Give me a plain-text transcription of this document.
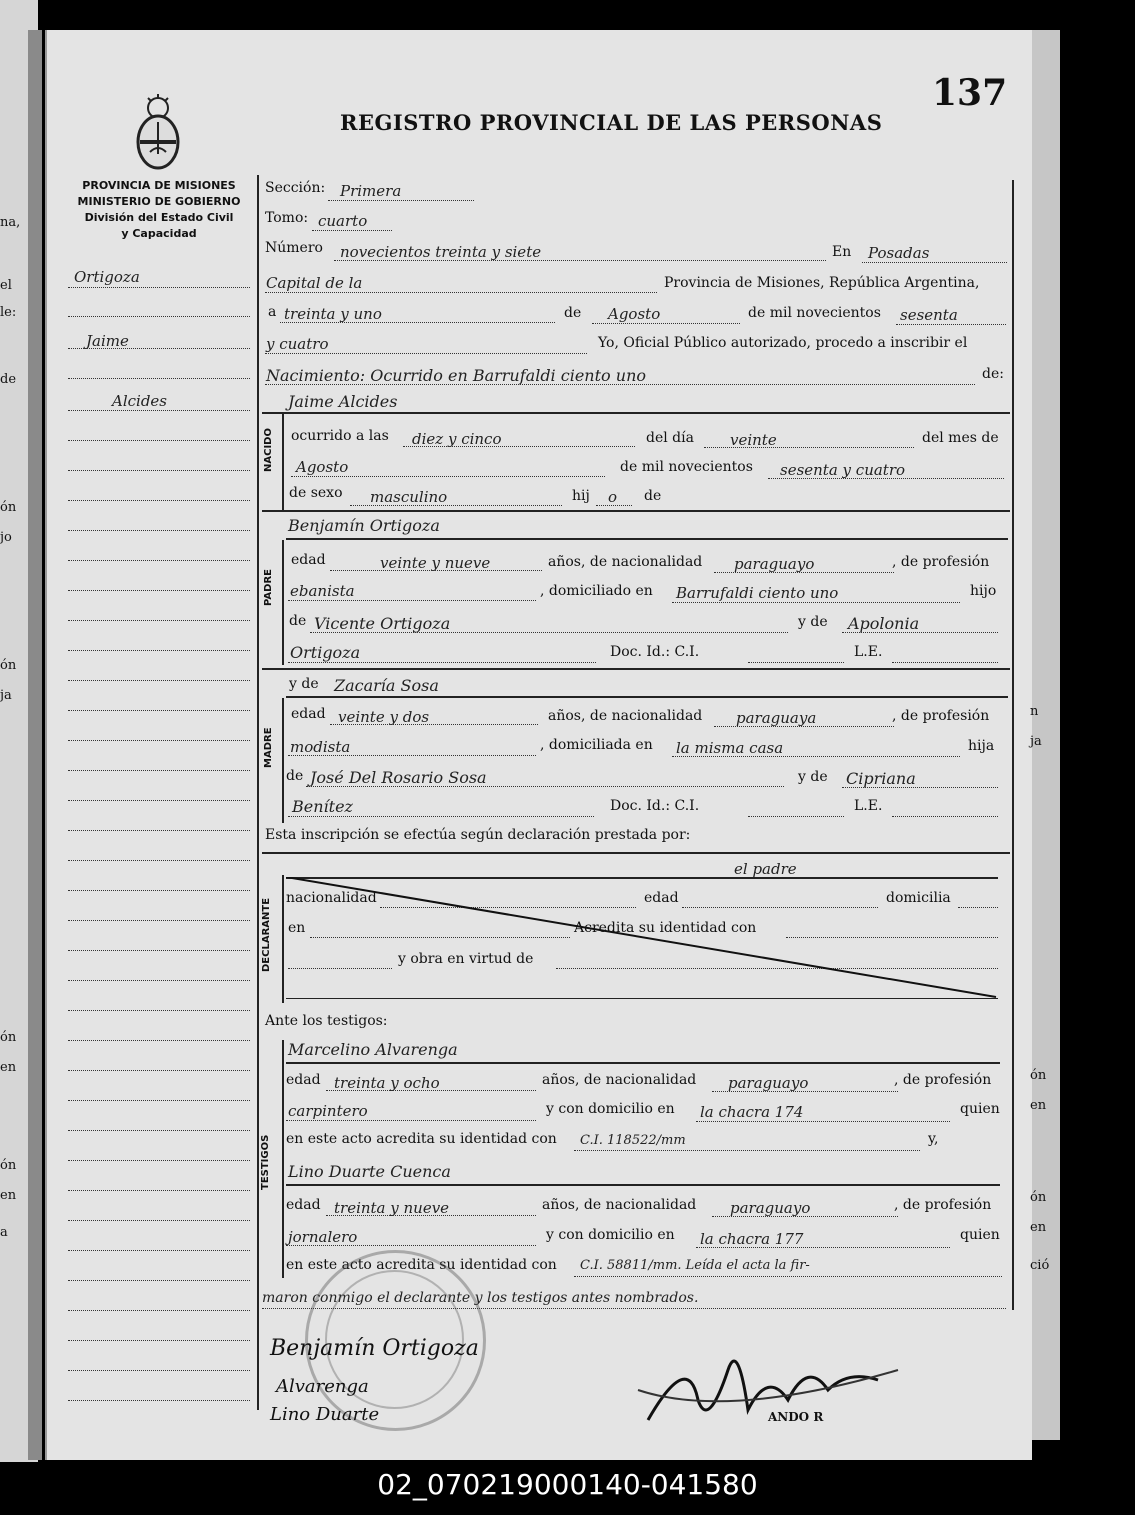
na,
el
le:
de
ón
jo
ón
ja
ón
en
ón
en
a
n
ja
ón
en
ón
en
ció
137
REGISTRO PROVINCIAL DE LAS PERSONAS
PROVINCIA DE MISIONES
MINISTERIO DE GOBIERNO
División del Estado Civil
y Capacidad
Ortigoza
Jaime
Alcides
Sección: Primera
Tomo: cuarto
Número novecientos treinta y siete	En Posadas
Capital de la	Provincia de Misiones, República Argentina,
a treinta y uno	de Agosto	de mil novecientos sesenta
y cuatro	Yo, Oficial Público autorizado, procedo a inscribir el
Nacimiento: Ocurrido en Barrufaldi ciento uno	de:
NACIDO
Jaime Alcides
ocurrido a las diez y cinco	del día veinte	del mes de
Agosto	de mil novecientos sesenta y cuatro
de sexo masculino	hij o de
PADRE
Benjamín Ortigoza
edad	veinte y nueve	años, de nacionalidad paraguayo	, de profesión
ebanista	, domiciliado en Barrufaldi ciento uno	hijo
de Vicente Ortigoza	y de Apolonia
Ortigoza	Doc. Id.: C.I.	L.E.
MADRE
y de Zacaría Sosa
edad veinte y dos	años, de nacionalidad paraguaya	, de profesión
modista	, domiciliada en la misma casa	hija
de José Del Rosario Sosa	y de Cipriana
Benítez	Doc. Id.: C.I.	L.E.
Esta inscripción se efectúa según declaración prestada por:
DECLARANTE
el padre
nacionalidad	edad	domicilia
en	Acredita su identidad con
y obra en virtud de
Ante los testigos:
TESTIGOS
Marcelino Alvarenga
edad treinta y ocho	años, de nacionalidad paraguayo	, de profesión
carpintero	y con domicilio en la chacra 174	quien
en este acto acredita su identidad con C.I. 118522/mm	y,
Lino Duarte Cuenca
edad treinta y nueve	años, de nacionalidad paraguayo	, de profesión
jornalero	y con domicilio en la chacra 177	quien
en este acto acredita su identidad con C.I. 58811/mm. Leída el acta la fir-
maron conmigo el declarante y los testigos antes nombrados.
Benjamín Ortigoza
Alvarenga
Lino Duarte	ANDO R
02_070219000140-041580
